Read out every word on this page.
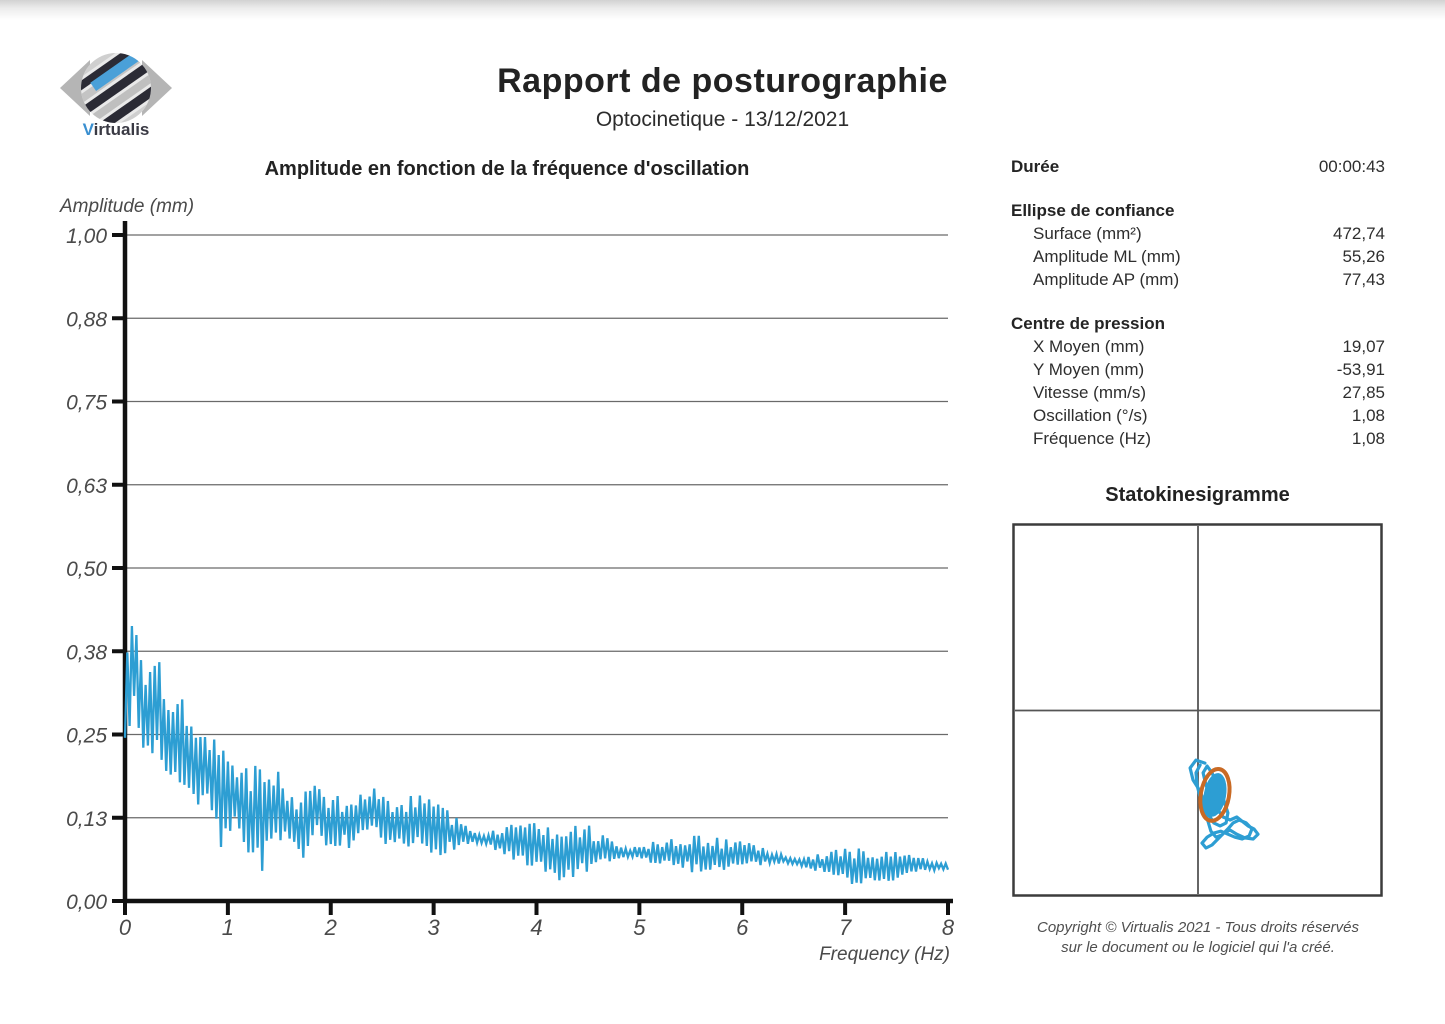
Virtualis
Rapport de posturographie
Optocinetique - 13/12/2021
Amplitude en fonction de la fréquence d'oscillation
1,00
0,88
0,75
0,63
0,50
0,38
0,25
0,13
0,00
0	1	2	3	4	5	6	7	8
Amplitude (mm)
Frequency (Hz)
Durée	00:00:43
Ellipse de confiance
Surface (mm²)	472,74
Amplitude ML (mm)	55,26
Amplitude AP (mm)	77,43
Centre de pression
X Moyen (mm)	19,07
Y Moyen (mm)	-53,91
Vitesse (mm/s)	27,85
Oscillation (°/s)	1,08
Fréquence (Hz)	1,08
Statokinesigramme
Copyright © Virtualis 2021 - Tous droits réservés
sur le document ou le logiciel qui l'a créé.
